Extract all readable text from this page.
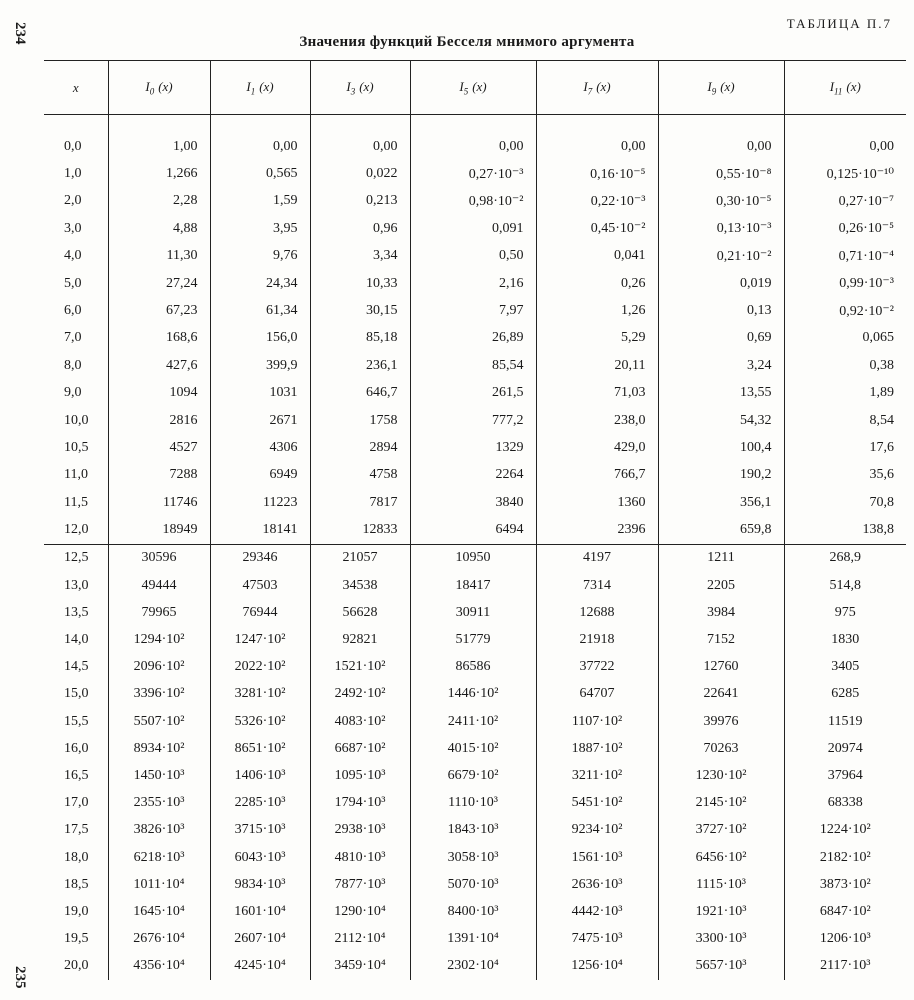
234
235
ТАБЛИЦА П.7
Значения функций Бесселя мнимого аргумента
x	$I_0$ (x)	$I_1$ (x)	$I_3$ (x)	$I_5$ (x)	$I_7$ (x)	$I_9$ (x)	$I_{11}$ (x)

0,0	1,00	0,00	0,00	0,00	0,00	0,00	0,00
1,0	1,266	0,565	0,022	0,27·10⁻³	0,16·10⁻⁵	0,55·10⁻⁸	0,125·10⁻¹⁰
2,0	2,28	1,59	0,213	0,98·10⁻²	0,22·10⁻³	0,30·10⁻⁵	0,27·10⁻⁷
3,0	4,88	3,95	0,96	0,091	0,45·10⁻²	0,13·10⁻³	0,26·10⁻⁵
4,0	11,30	9,76	3,34	0,50	0,041	0,21·10⁻²	0,71·10⁻⁴
5,0	27,24	24,34	10,33	2,16	0,26	0,019	0,99·10⁻³
6,0	67,23	61,34	30,15	7,97	1,26	0,13	0,92·10⁻²
7,0	168,6	156,0	85,18	26,89	5,29	0,69	0,065
8,0	427,6	399,9	236,1	85,54	20,11	3,24	0,38
9,0	1094	1031	646,7	261,5	71,03	13,55	1,89
10,0	2816	2671	1758	777,2	238,0	54,32	8,54
10,5	4527	4306	2894	1329	429,0	100,4	17,6
11,0	7288	6949	4758	2264	766,7	190,2	35,6
11,5	11746	11223	7817	3840	1360	356,1	70,8
12,0	18949	18141	12833	6494	2396	659,8	138,8
12,5	30596	29346	21057	10950	4197	1211	268,9
13,0	49444	47503	34538	18417	7314	2205	514,8
13,5	79965	76944	56628	30911	12688	3984	975
14,0	1294·10²	1247·10²	92821	51779	21918	7152	1830
14,5	2096·10²	2022·10²	1521·10²	86586	37722	12760	3405
15,0	3396·10²	3281·10²	2492·10²	1446·10²	64707	22641	6285
15,5	5507·10²	5326·10²	4083·10²	2411·10²	1107·10²	39976	11519
16,0	8934·10²	8651·10²	6687·10²	4015·10²	1887·10²	70263	20974
16,5	1450·10³	1406·10³	1095·10³	6679·10²	3211·10²	1230·10²	37964
17,0	2355·10³	2285·10³	1794·10³	1110·10³	5451·10²	2145·10²	68338
17,5	3826·10³	3715·10³	2938·10³	1843·10³	9234·10²	3727·10²	1224·10²
18,0	6218·10³	6043·10³	4810·10³	3058·10³	1561·10³	6456·10²	2182·10²
18,5	1011·10⁴	9834·10³	7877·10³	5070·10³	2636·10³	1115·10³	3873·10²
19,0	1645·10⁴	1601·10⁴	1290·10⁴	8400·10³	4442·10³	1921·10³	6847·10²
19,5	2676·10⁴	2607·10⁴	2112·10⁴	1391·10⁴	7475·10³	3300·10³	1206·10³
20,0	4356·10⁴	4245·10⁴	3459·10⁴	2302·10⁴	1256·10⁴	5657·10³	2117·10³
